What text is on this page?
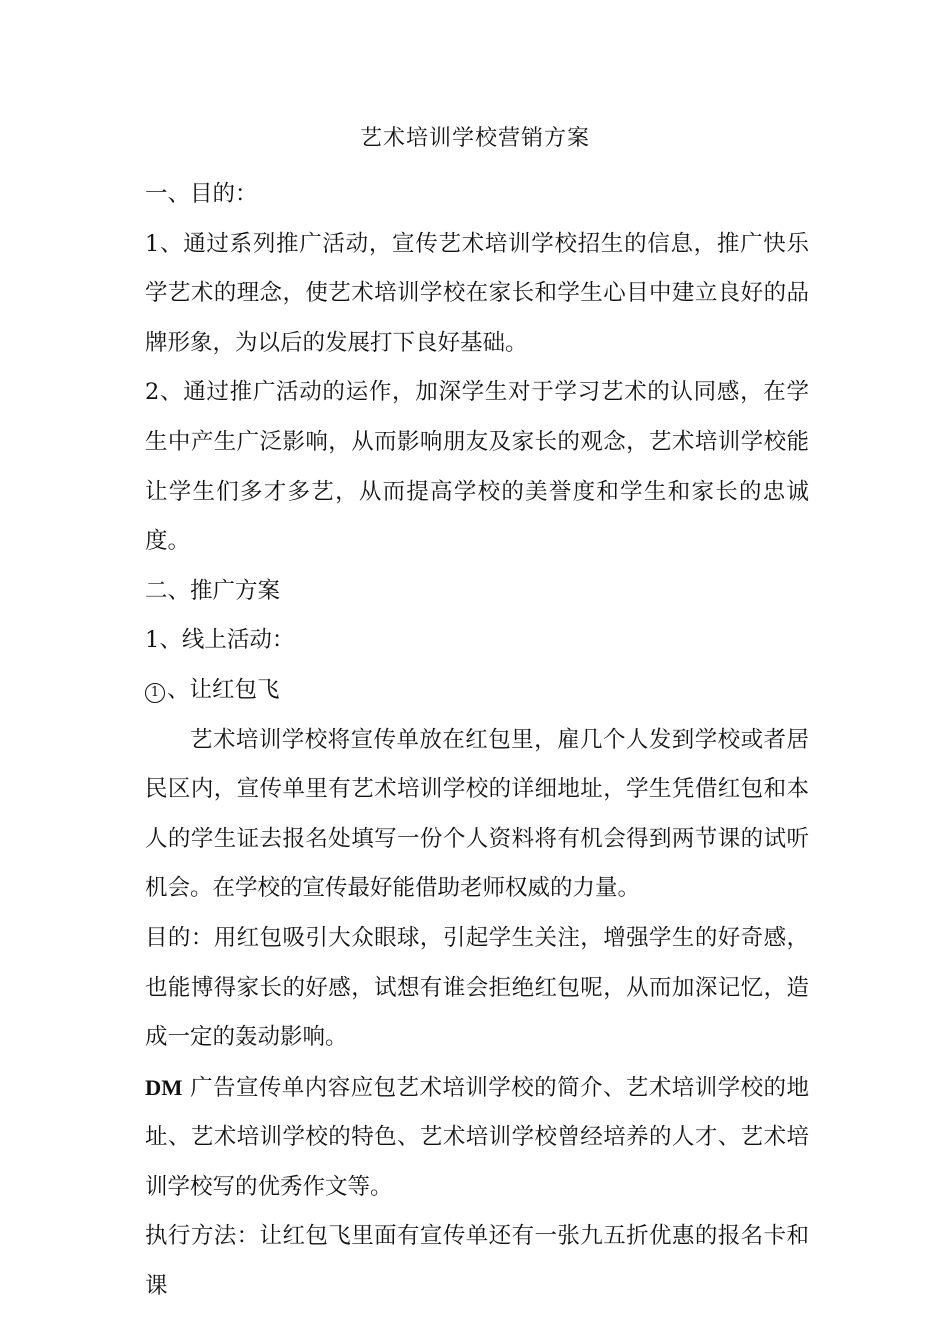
艺术培训学校营销方案

一、目的：

1、通过系列推广活动，宣传艺术培训学校招生的信息，推广快乐学艺术的理念，使艺术培训学校在家长和学生心目中建立良好的品牌形象，为以后的发展打下良好基础。

2、通过推广活动的运作，加深学生对于学习艺术的认同感，在学生中产生广泛影响，从而影响朋友及家长的观念，艺术培训学校能让学生们多才多艺，从而提高学校的美誉度和学生和家长的忠诚度。

二、推广方案

1、线上活动：

1 、让红包飞

艺术培训学校将宣传单放在红包里，雇几个人发到学校或者居民区内，宣传单里有艺术培训学校的详细地址，学生凭借红包和本人的学生证去报名处填写一份个人资料将有机会得到两节课的试听机会。在学校的宣传最好能借助老师权威的力量。

目的：用红包吸引大众眼球，引起学生关注，增强学生的好奇感，也能博得家长的好感，试想有谁会拒绝红包呢，从而加深记忆，造成一定的轰动影响。

DM 广告宣传单内容应包艺术培训学校的简介、艺术培训学校的地址、艺术培训学校的特色、艺术培训学校曾经培养的人才、艺术培训学校写的优秀作文等。

执行方法：让红包飞里面有宣传单还有一张九五折优惠的报名卡和课
